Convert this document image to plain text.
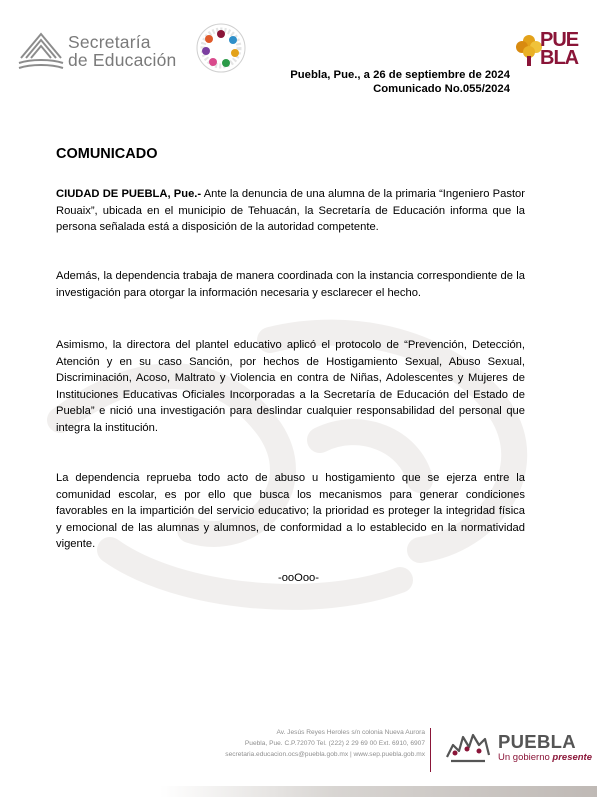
Secretaría
de Educación
PUE
BLA
Puebla, Pue., a 26 de septiembre de 2024
Comunicado No.055/2024
COMUNICADO
CIUDAD DE PUEBLA, Pue.- Ante la denuncia de una alumna de la primaria “Ingeniero Pastor Rouaix”, ubicada en el municipio de Tehuacán, la Secretaría de Educación informa que la persona señalada está a disposición de la autoridad competente.
Además, la dependencia trabaja de manera coordinada con la instancia correspondiente de la investigación para otorgar la información necesaria y esclarecer el hecho.
Asimismo, la directora del plantel educativo aplicó el protocolo de “Prevención, Detección, Atención y en su caso Sanción, por hechos de Hostigamiento Sexual, Abuso Sexual, Discriminación, Acoso, Maltrato y Violencia en contra de Niñas, Adolescentes y Mujeres de Instituciones Educativas Oficiales Incorporadas a la Secretaría de Educación del Estado de Puebla” e nició una investigación para deslindar cualquier responsabilidad del personal que integra la institución.
La dependencia reprueba todo acto de abuso u hostigamiento que se ejerza entre la comunidad escolar, es por ello que busca los mecanismos para generar condiciones favorables en la impartición del servicio educativo; la prioridad es proteger la integridad física y emocional de las alumnas y alumnos, de conformidad a lo establecido en la normatividad vigente.
-ooOoo-
Av. Jesús Reyes Heroles s/n colonia Nueva Aurora
Puebla, Pue. C.P.72070 Tel. (222) 2 29 69 00 Ext. 6910, 6907
secretaria.educacion.ocs@puebla.gob.mx | www.sep.puebla.gob.mx
PUEBLA
Un gobierno presente
